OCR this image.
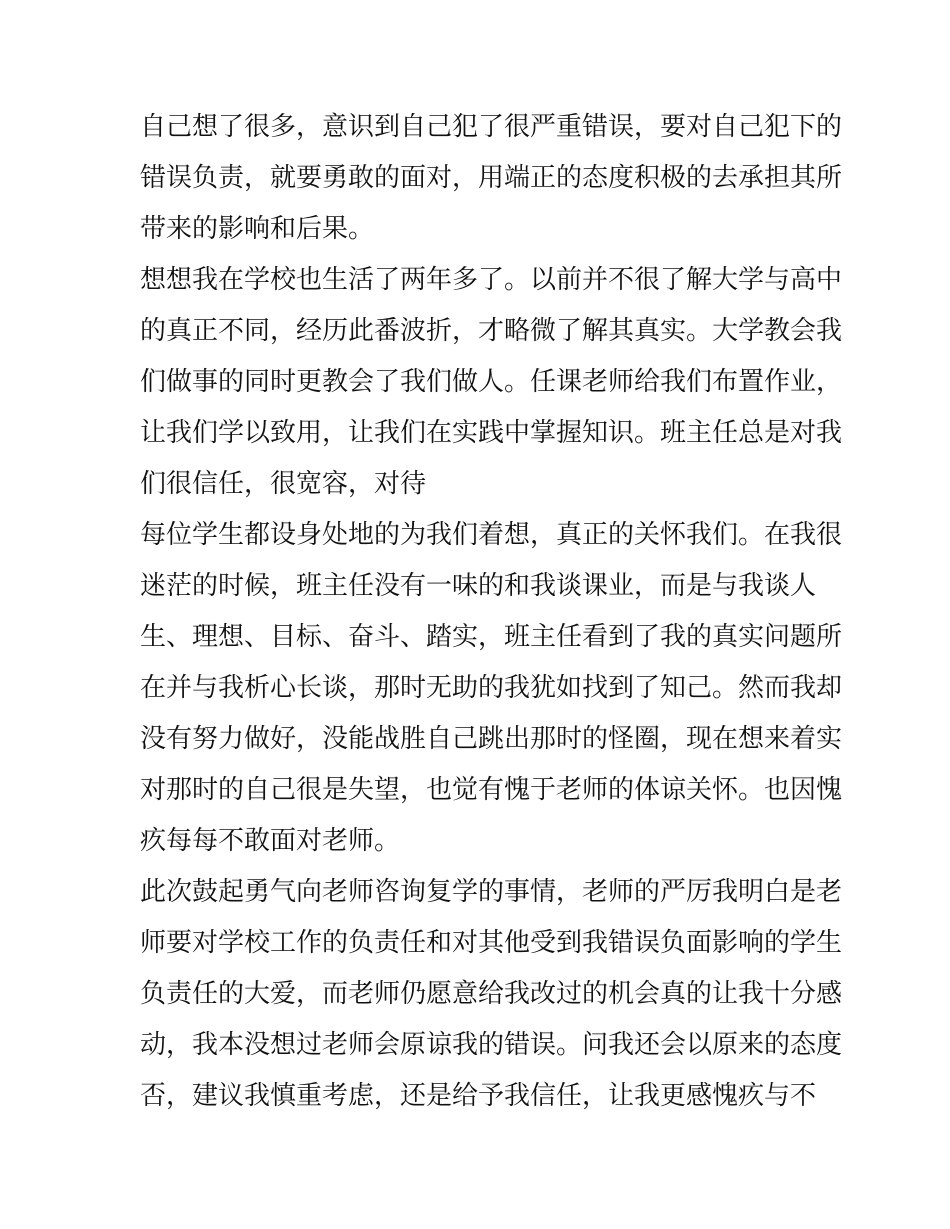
自己想了很多，意识到自己犯了很严重错误，要对自己犯下的
错误负责，就要勇敢的面对，用端正的态度积极的去承担其所
带来的影响和后果。
想想我在学校也生活了两年多了。以前并不很了解大学与高中
的真正不同，经历此番波折，才略微了解其真实。大学教会我
们做事的同时更教会了我们做人。任课老师给我们布置作业，
让我们学以致用，让我们在实践中掌握知识。班主任总是对我
们很信任，很宽容，对待
每位学生都设身处地的为我们着想，真正的关怀我们。在我很
迷茫的时候，班主任没有一味的和我谈课业，而是与我谈人
生、理想、目标、奋斗、踏实，班主任看到了我的真实问题所
在并与我析心长谈，那时无助的我犹如找到了知己。然而我却
没有努力做好，没能战胜自己跳出那时的怪圈，现在想来着实
对那时的自己很是失望，也觉有愧于老师的体谅关怀。也因愧
疚每每不敢面对老师。
此次鼓起勇气向老师咨询复学的事情，老师的严厉我明白是老
师要对学校工作的负责任和对其他受到我错误负面影响的学生
负责任的大爱，而老师仍愿意给我改过的机会真的让我十分感
动，我本没想过老师会原谅我的错误。问我还会以原来的态度
否，建议我慎重考虑，还是给予我信任，让我更感愧疚与不
